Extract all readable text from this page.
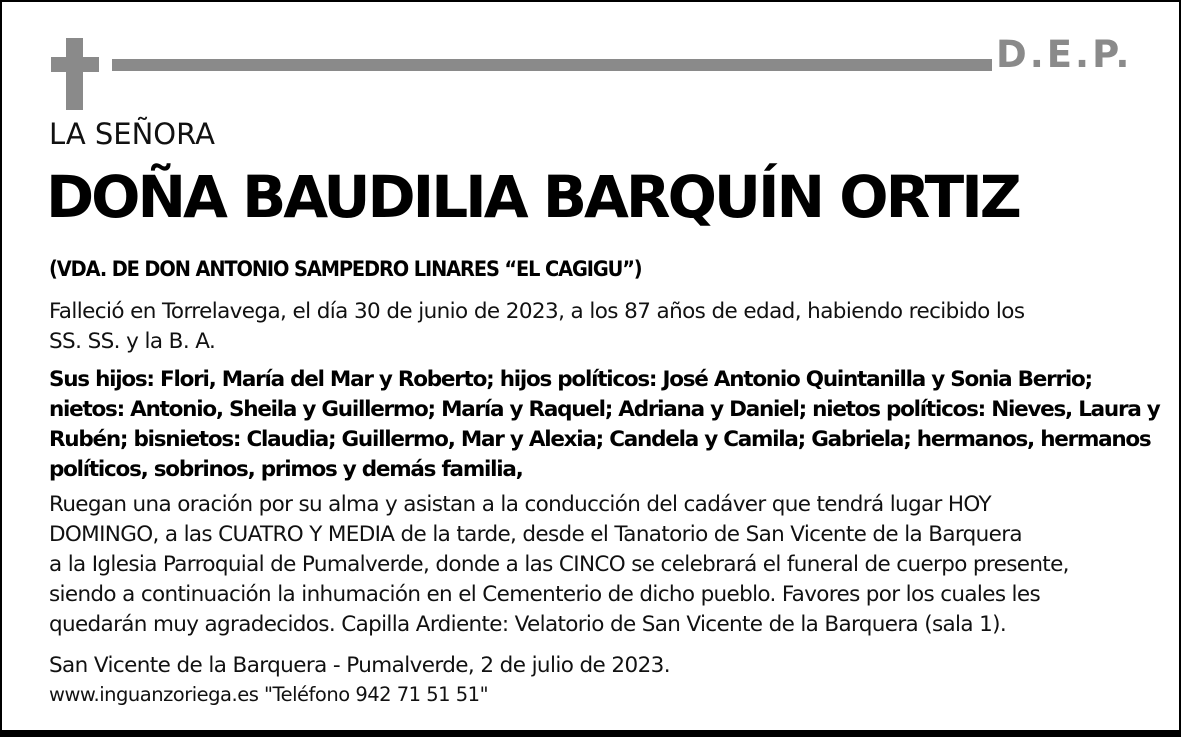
D.E.P.
LA SEÑORA
DOÑA BAUDILIA BARQUÍN ORTIZ
(VDA. DE DON ANTONIO SAMPEDRO LINARES “EL CAGIGU”)
Falleció en Torrelavega, el día 30 de junio de 2023, a los 87 años de edad, habiendo recibido los
SS. SS. y la B. A.
Sus hijos: Flori, María del Mar y Roberto; hijos políticos: José Antonio Quintanilla y Sonia Berrio;
nietos: Antonio, Sheila y Guillermo; María y Raquel; Adriana y Daniel; nietos políticos: Nieves, Laura y
Rubén; bisnietos: Claudia; Guillermo, Mar y Alexia; Candela y Camila; Gabriela; hermanos, hermanos
políticos, sobrinos, primos y demás familia,
Ruegan una oración por su alma y asistan a la conducción del cadáver que tendrá lugar HOY
DOMINGO, a las CUATRO Y MEDIA de la tarde, desde el Tanatorio de San Vicente de la Barquera
a la Iglesia Parroquial de Pumalverde, donde a las CINCO se celebrará el funeral de cuerpo presente,
siendo a continuación la inhumación en el Cementerio de dicho pueblo. Favores por los cuales les
quedarán muy agradecidos. Capilla Ardiente: Velatorio de San Vicente de la Barquera (sala 1).
San Vicente de la Barquera - Pumalverde, 2 de julio de 2023.
www.inguanzoriega.es "Teléfono 942 71 51 51"
